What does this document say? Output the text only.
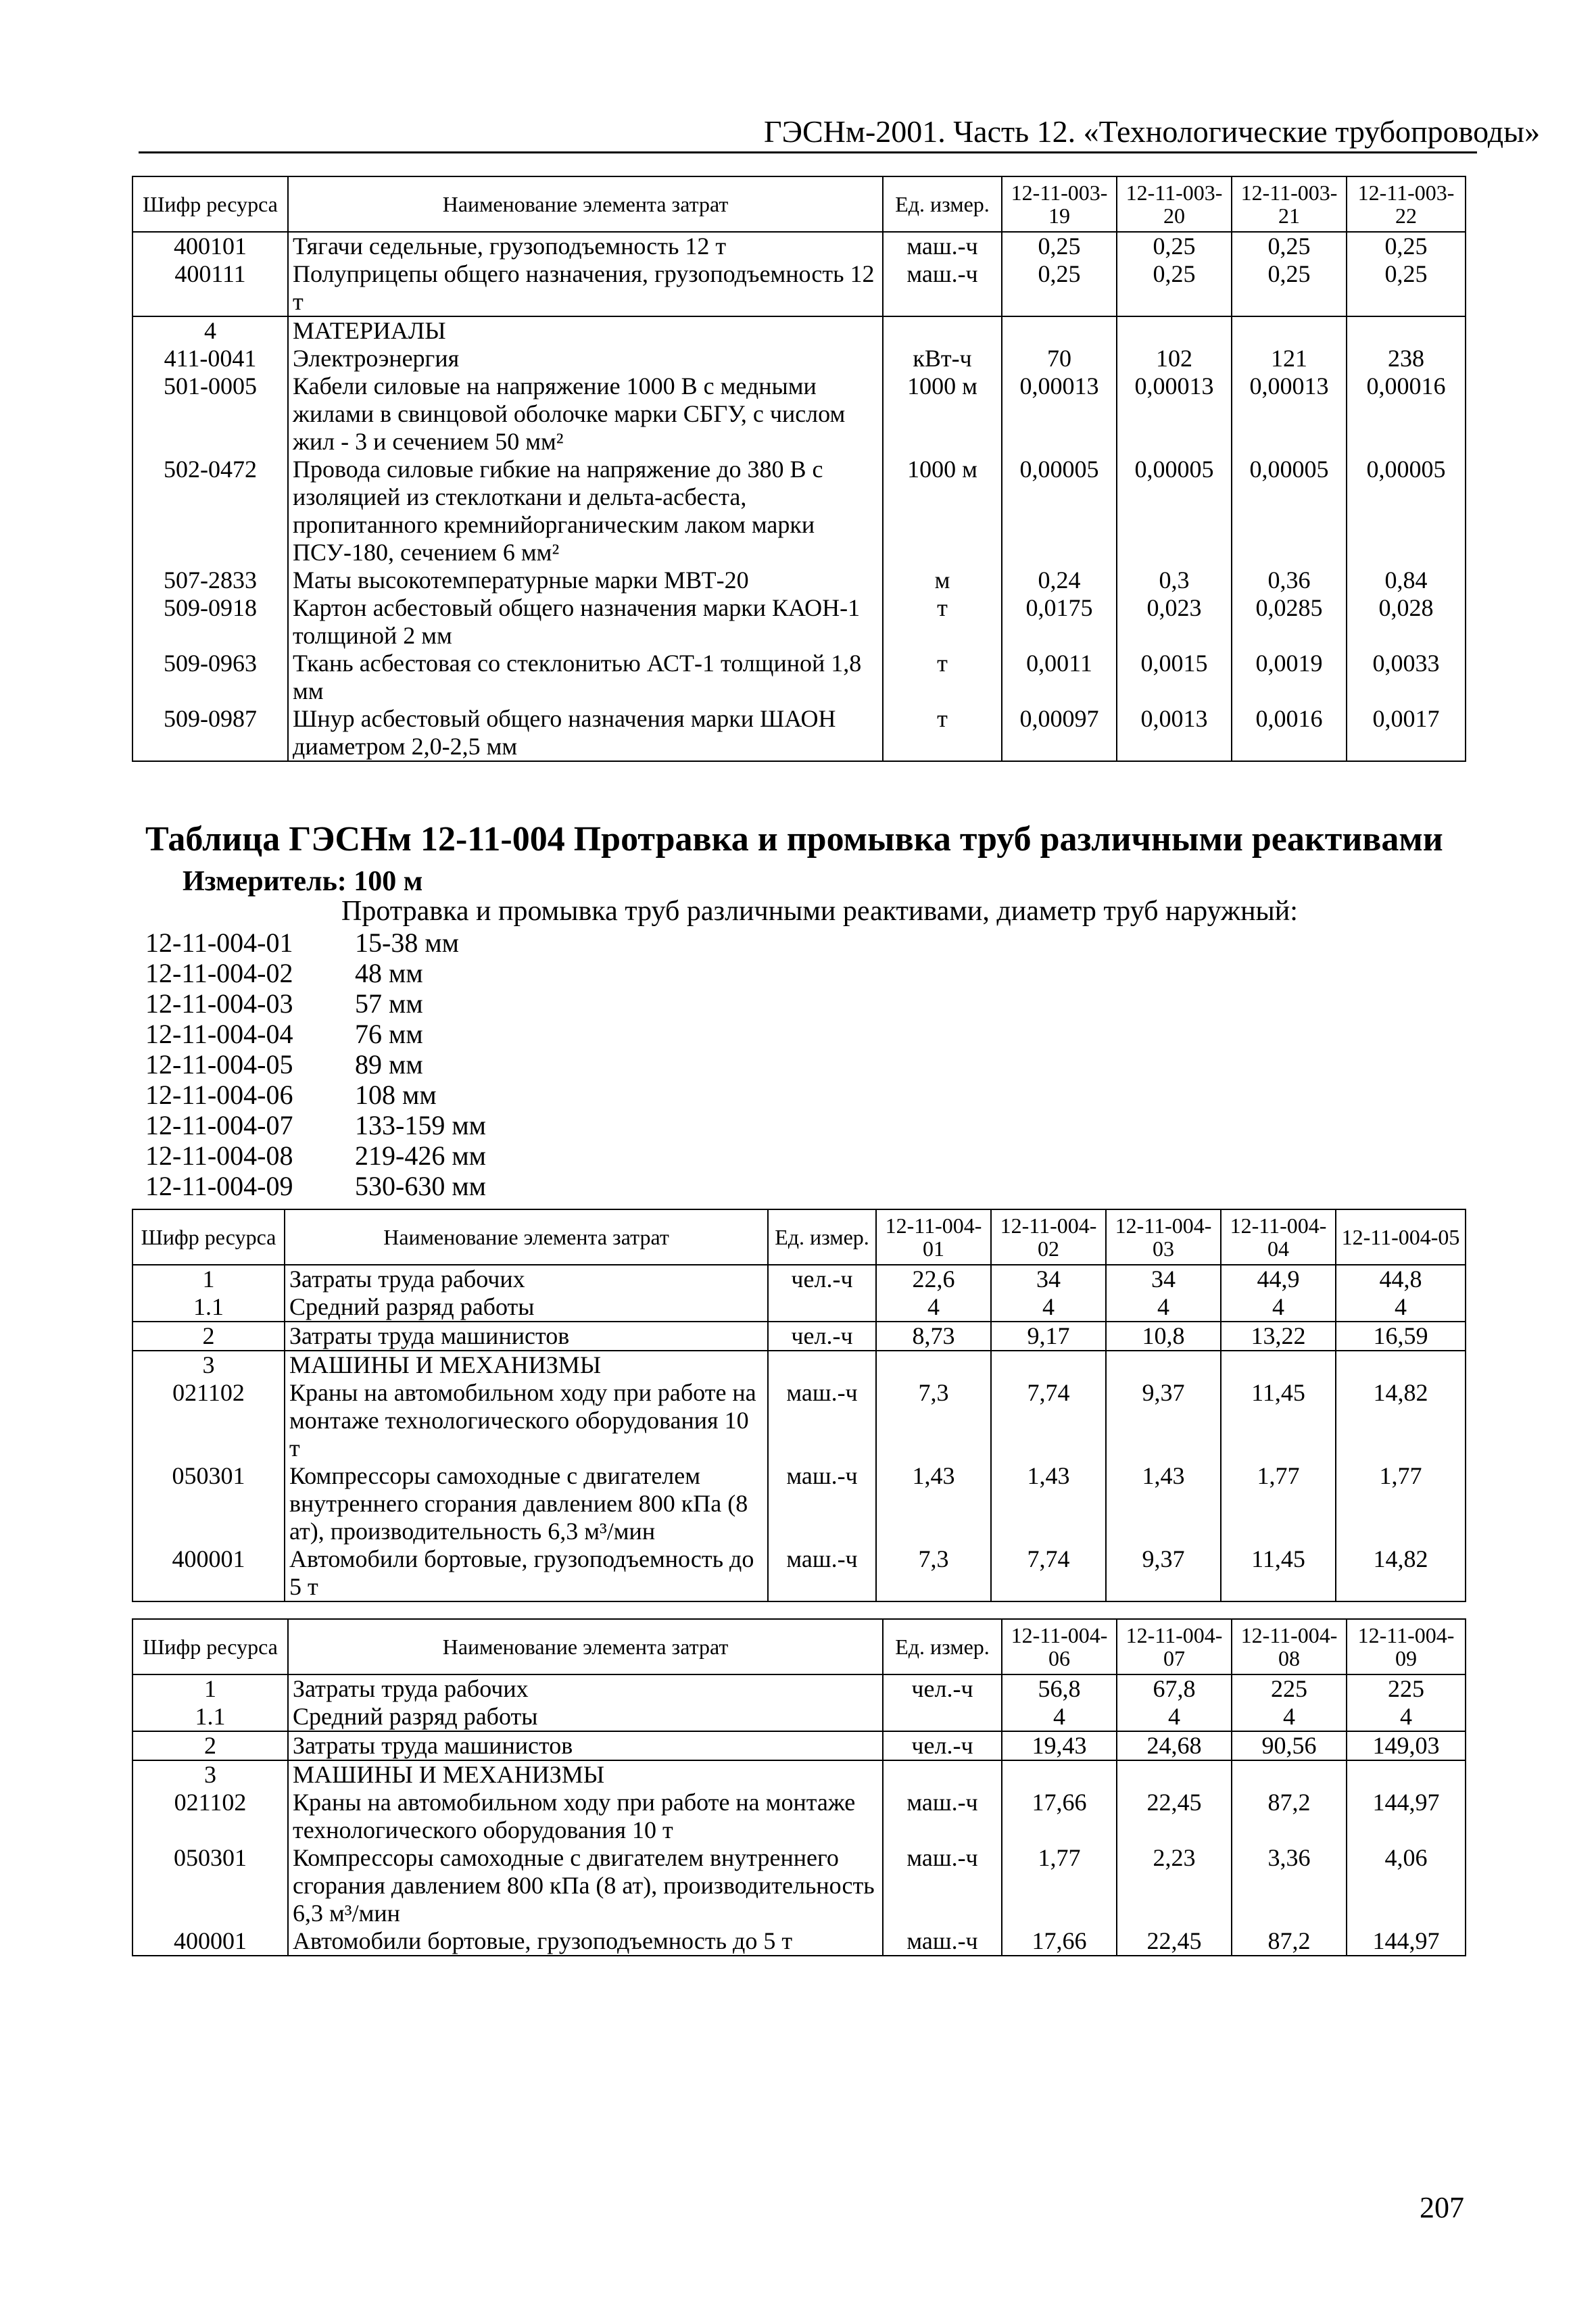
ГЭСНм-2001. Часть 12. «Технологические трубопроводы»
Шифр ресурса	Наименование элемента затрат	Ед. измер.	12-11-003-19	12-11-003-20	12-11-003-21	12-11-003-22
400101	Тягачи седельные, грузоподъемность 12 т	маш.-ч	0,25	0,25	0,25	0,25
400111	Полуприцепы общего назначения, грузоподъемность 12 т	маш.-ч	0,25	0,25	0,25	0,25
4	МАТЕРИАЛЫ					
411-0041	Электроэнергия	кВт-ч	70	102	121	238
501-0005	Кабели силовые на напряжение 1000 В с медными жилами в свинцовой оболочке марки СБГУ, с числом жил - 3 и сечением 50 мм²	1000 м	0,00013	0,00013	0,00013	0,00016
502-0472	Провода силовые гибкие на напряжение до 380 В с изоляцией из стеклоткани и дельта-асбеста, пропитанного кремнийорганическим лаком марки ПСУ-180, сечением 6 мм²	1000 м	0,00005	0,00005	0,00005	0,00005
507-2833	Маты высокотемпературные марки МВТ-20	м	0,24	0,3	0,36	0,84
509-0918	Картон асбестовый общего назначения марки КАОН-1 толщиной 2 мм	т	0,0175	0,023	0,0285	0,028
509-0963	Ткань асбестовая со стеклонитью АСТ-1 толщиной 1,8 мм	т	0,0011	0,0015	0,0019	0,0033
509-0987	Шнур асбестовый общего назначения марки ШАОН диаметром 2,0-2,5 мм	т	0,00097	0,0013	0,0016	0,0017
Таблица ГЭСНм 12-11-004 Протравка и промывка труб различными реактивами
Измеритель: 100 м
Протравка и промывка труб различными реактивами, диаметр труб наружный:
12-11-004-01 15-38 мм
12-11-004-02 48 мм
12-11-004-03 57 мм
12-11-004-04 76 мм
12-11-004-05 89 мм
12-11-004-06 108 мм
12-11-004-07 133-159 мм
12-11-004-08 219-426 мм
12-11-004-09 530-630 мм
Шифр ресурса	Наименование элемента затрат	Ед. измер.	12-11-004-01	12-11-004-02	12-11-004-03	12-11-004-04	12-11-004-05
1	Затраты труда рабочих	чел.-ч	22,6	34	34	44,9	44,8
1.1	Средний разряд работы		4	4	4	4	4
2	Затраты труда машинистов	чел.-ч	8,73	9,17	10,8	13,22	16,59
3	МАШИНЫ И МЕХАНИЗМЫ						
021102	Краны на автомобильном ходу при работе на монтаже технологического оборудования 10 т	маш.-ч	7,3	7,74	9,37	11,45	14,82
050301	Компрессоры самоходные с двигателем внутреннего сгорания давлением 800 кПа (8 ат), производительность 6,3 м³/мин	маш.-ч	1,43	1,43	1,43	1,77	1,77
400001	Автомобили бортовые, грузоподъемность до 5 т	маш.-ч	7,3	7,74	9,37	11,45	14,82
Шифр ресурса	Наименование элемента затрат	Ед. измер.	12-11-004-06	12-11-004-07	12-11-004-08	12-11-004-09
1	Затраты труда рабочих	чел.-ч	56,8	67,8	225	225
1.1	Средний разряд работы		4	4	4	4
2	Затраты труда машинистов	чел.-ч	19,43	24,68	90,56	149,03
3	МАШИНЫ И МЕХАНИЗМЫ					
021102	Краны на автомобильном ходу при работе на монтаже технологического оборудования 10 т	маш.-ч	17,66	22,45	87,2	144,97
050301	Компрессоры самоходные с двигателем внутреннего сгорания давлением 800 кПа (8 ат), производительность 6,3 м³/мин	маш.-ч	1,77	2,23	3,36	4,06
400001	Автомобили бортовые, грузоподъемность до 5 т	маш.-ч	17,66	22,45	87,2	144,97
207
